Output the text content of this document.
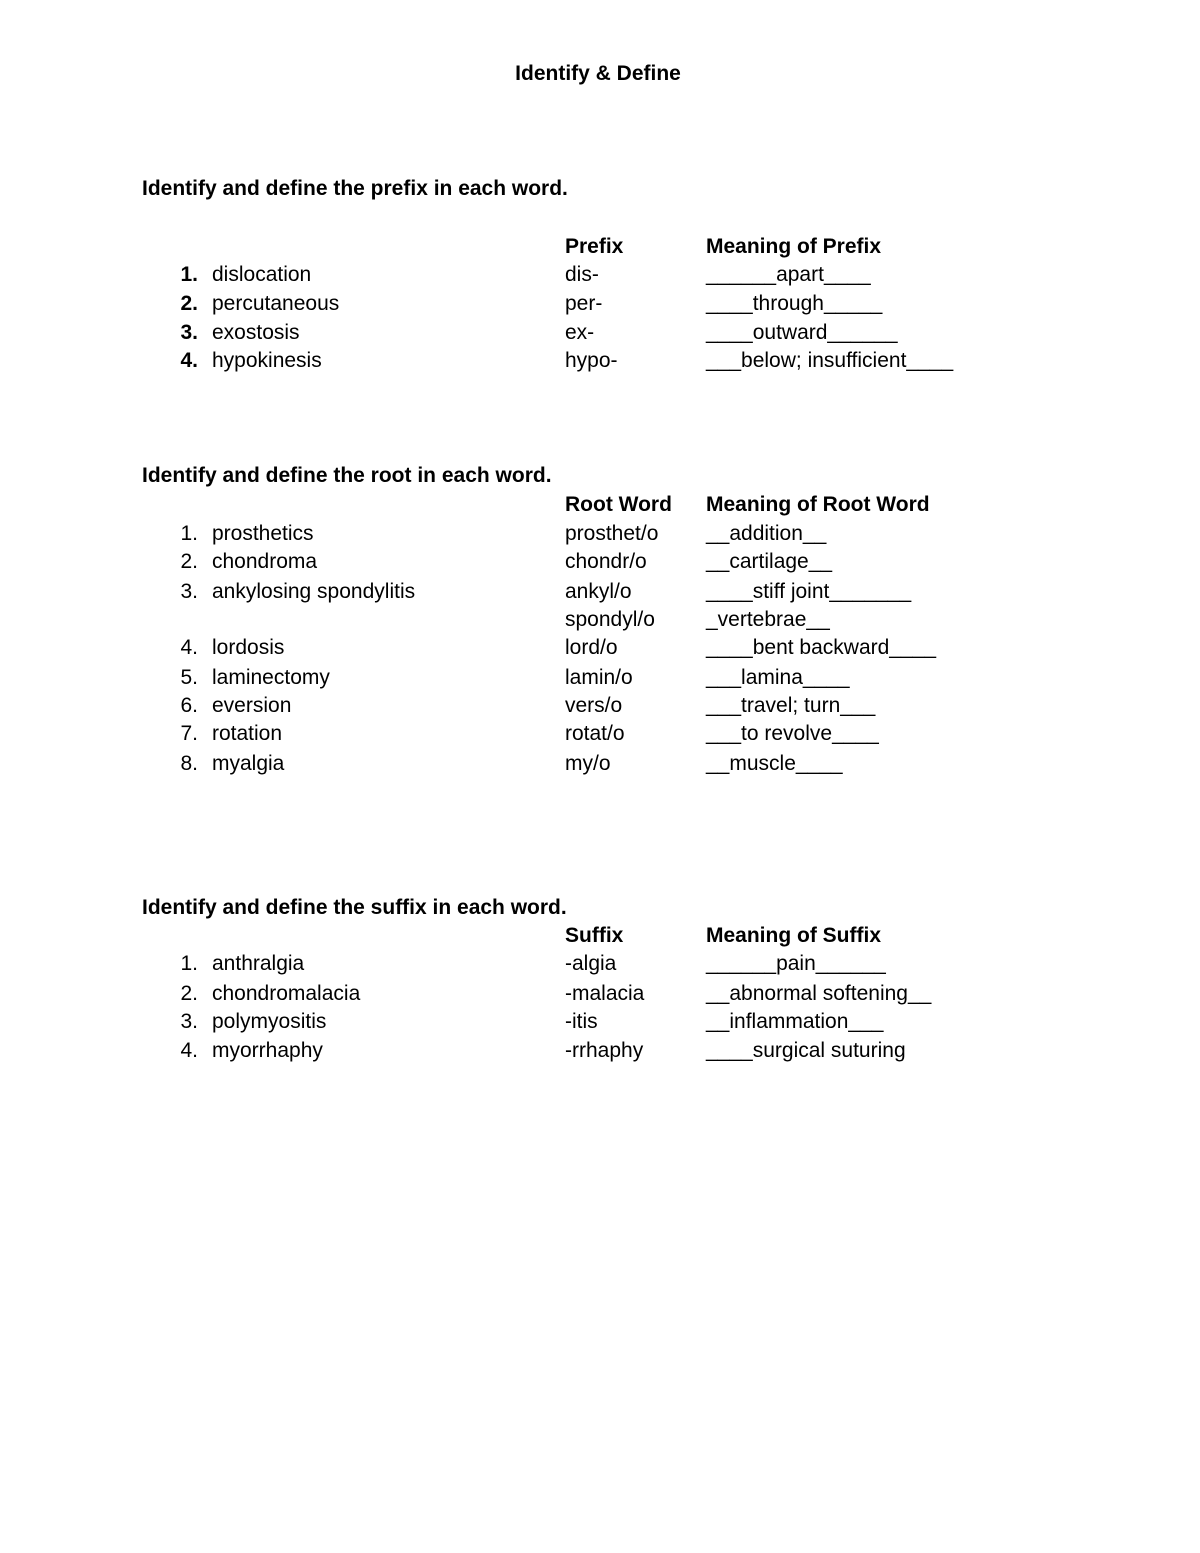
Identify & Define
Identify and define the prefix in each word.
Prefix	Meaning of Prefix
1. dislocation	dis-	______apart____
2. percutaneous	per-	____through_____
3. exostosis	ex-	____outward______
4. hypokinesis	hypo-	___below; insufficient____
Identify and define the root in each word.
Root Word Meaning of Root Word
1. prosthetics	prosthet/o __addition__
2. chondroma	chondr/o	__cartilage__
3. ankylosing spondylitis	ankyl/o	____stiff joint_______
spondyl/o _vertebrae__
4. lordosis	lord/o	____bent backward____
5. laminectomy	lamin/o	___lamina____
6. eversion	vers/o	___travel; turn___
7. rotation	rotat/o	___to revolve____
8. myalgia	my/o	__muscle____
Identify and define the suffix in each word.
Suffix	Meaning of Suffix
1. anthralgia	-algia	______pain______
2. chondromalacia	-malacia	__abnormal softening__
3. polymyositis	-itis	__inflammation___
4. myorrhaphy	-rrhaphy	____surgical suturing
